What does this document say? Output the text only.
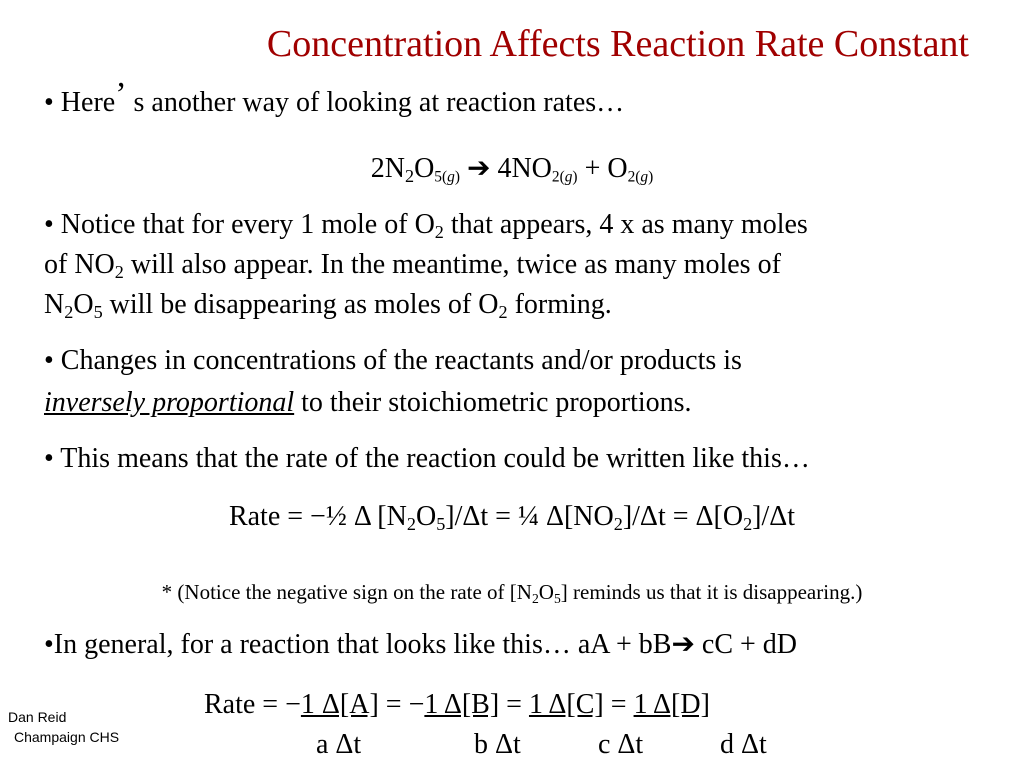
Concentration Affects Reaction Rate Constant
• Here’ s another way of looking at reaction rates…
$2N_2O5(g)$ ➔ 4NO2(g) + O2(g)
• Notice that for every 1 mole of $O_2$ that appears, 4 x as many moles
of $NO_2$ will also appear. In the meantime, twice as many moles of
$N_2O_5$ will be disappearing as moles of $O_2$ forming.
• Changes in concentrations of the reactants and/or products is
inversely proportional to their stoichiometric proportions.
• This means that the rate of the reaction could be written like this…
Rate = −½ Δ $[N_2O_5]/\Delta t$ = ¼ $\Delta[NO_2]/\Delta t = \Delta[O_2]/\Delta t$
* (Notice the negative sign on the rate of $[N_2O_5]$ reminds us that it is disappearing.)
•In general, for a reaction that looks like this… aA + bB➔ cC + dD
Rate = −1 Δ[A] = −1 Δ[B] = 1 Δ[C] = 1 Δ[D]
a Δt	b Δt	c Δt	d Δt
Dan Reid
Champaign CHS
